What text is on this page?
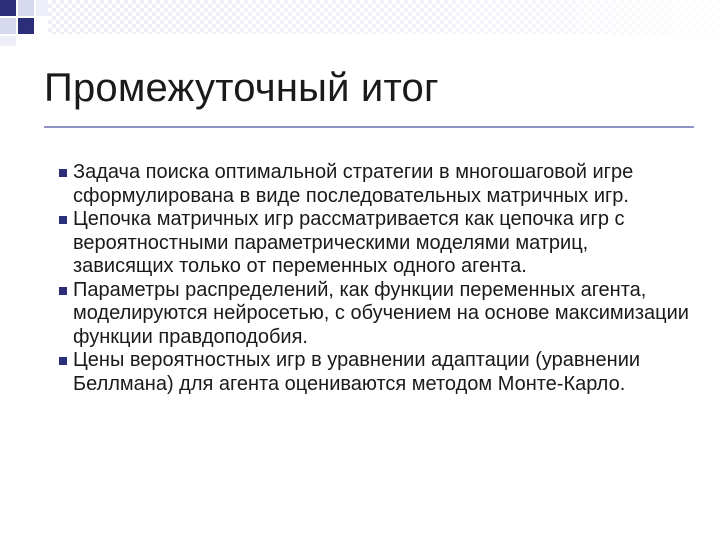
Промежуточный итог
Задача поиска оптимальной стратегии в многошаговой игре сформулирована в виде последовательных матричных игр.
Цепочка матричных игр рассматривается как цепочка игр с вероятностными параметрическими моделями матриц, зависящих только от переменных одного агента.
Параметры распределений, как функции переменных агента, моделируются нейросетью, с обучением на основе максимизации функции правдоподобия.
Цены вероятностных игр в уравнении адаптации (уравнении Беллмана) для агента оцениваются методом Монте-Карло.
